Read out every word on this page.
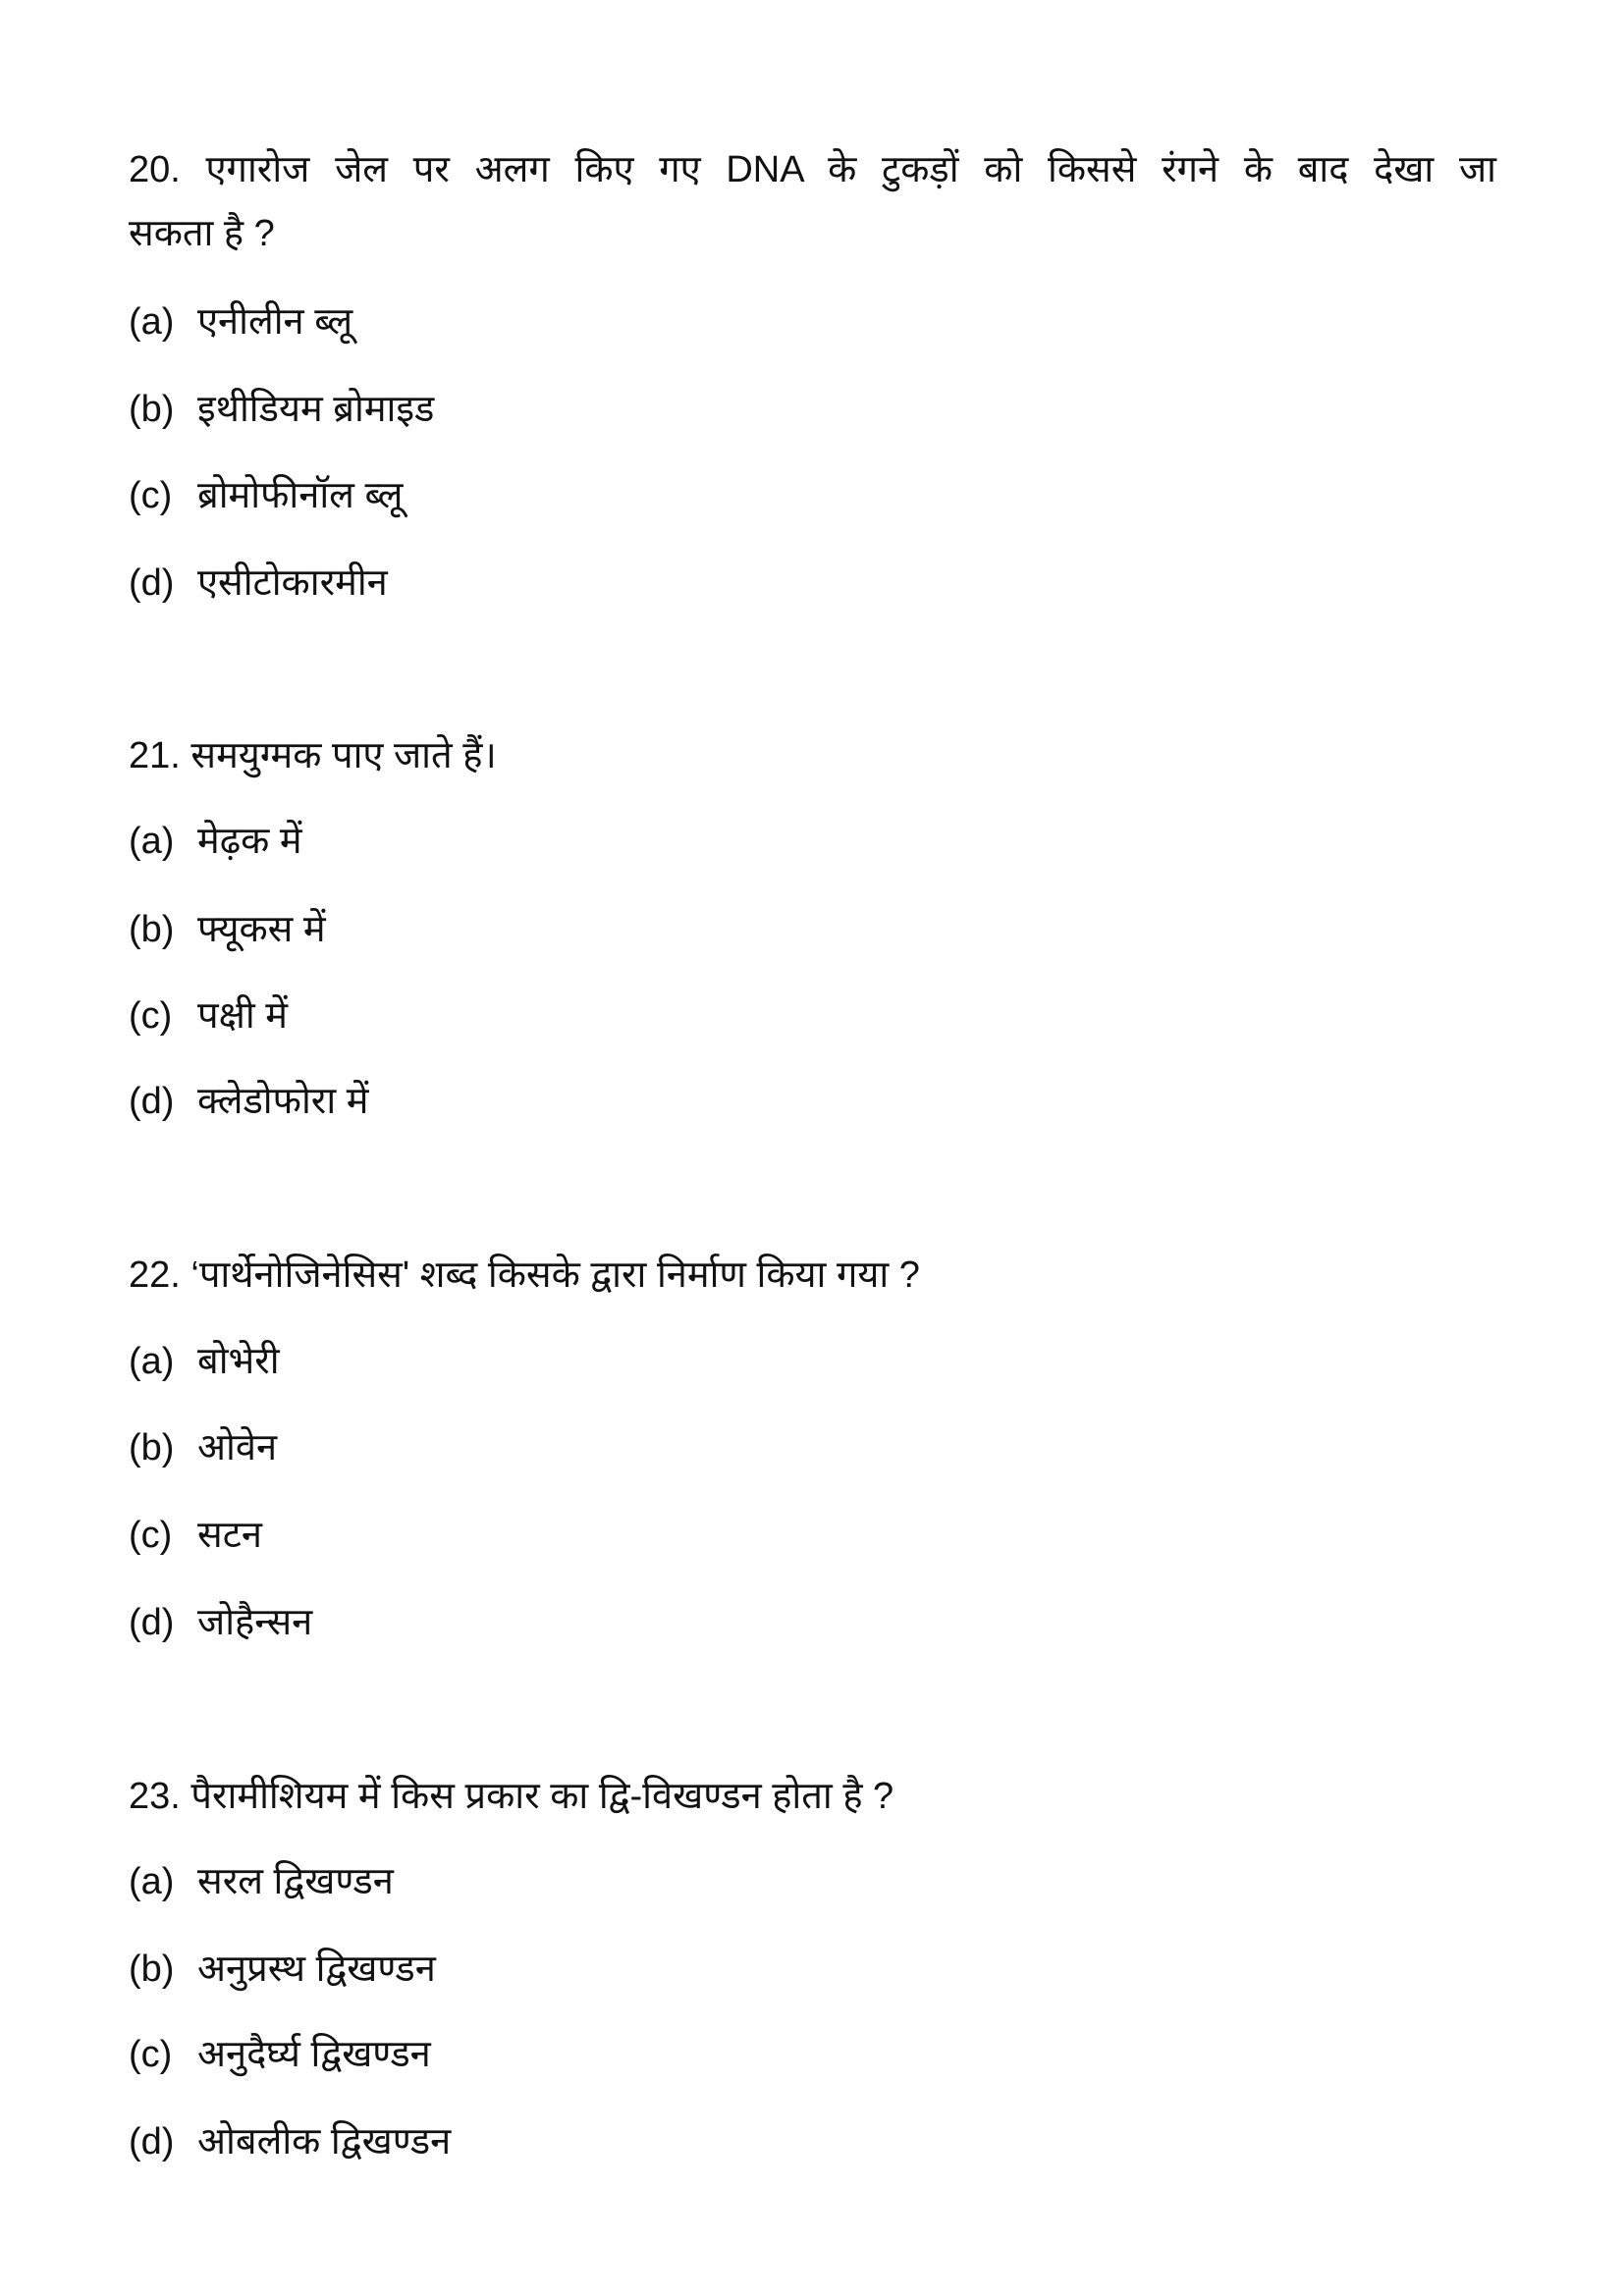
20. एगारोज जेल पर अलग किए गए DNA के टुकड़ों को किससे रंगने के बाद देखा जा
सकता है ?
(a) एनीलीन ब्लू
(b) इथीडियम ब्रोमाइड
(c) ब्रोमोफीनॉल ब्लू
(d) एसीटोकारमीन
21. समयुग्मक पाए जाते हैं।
(a) मेढ़क में
(b) फ्यूकस में
(c) पक्षी में
(d) क्लेडोफोरा में
22. ‘पार्थेनोजिनेसिस' शब्द किसके द्वारा निर्माण किया गया ?
(a) बोभेरी
(b) ओवेन
(c) सटन
(d) जोहैन्सन
23. पैरामीशियम में किस प्रकार का द्वि-विखण्डन होता है ?
(a) सरल द्विखण्डन
(b) अनुप्रस्थ द्विखण्डन
(c) अनुदैर्घ्य द्विखण्डन
(d) ओबलीक द्विखण्डन
